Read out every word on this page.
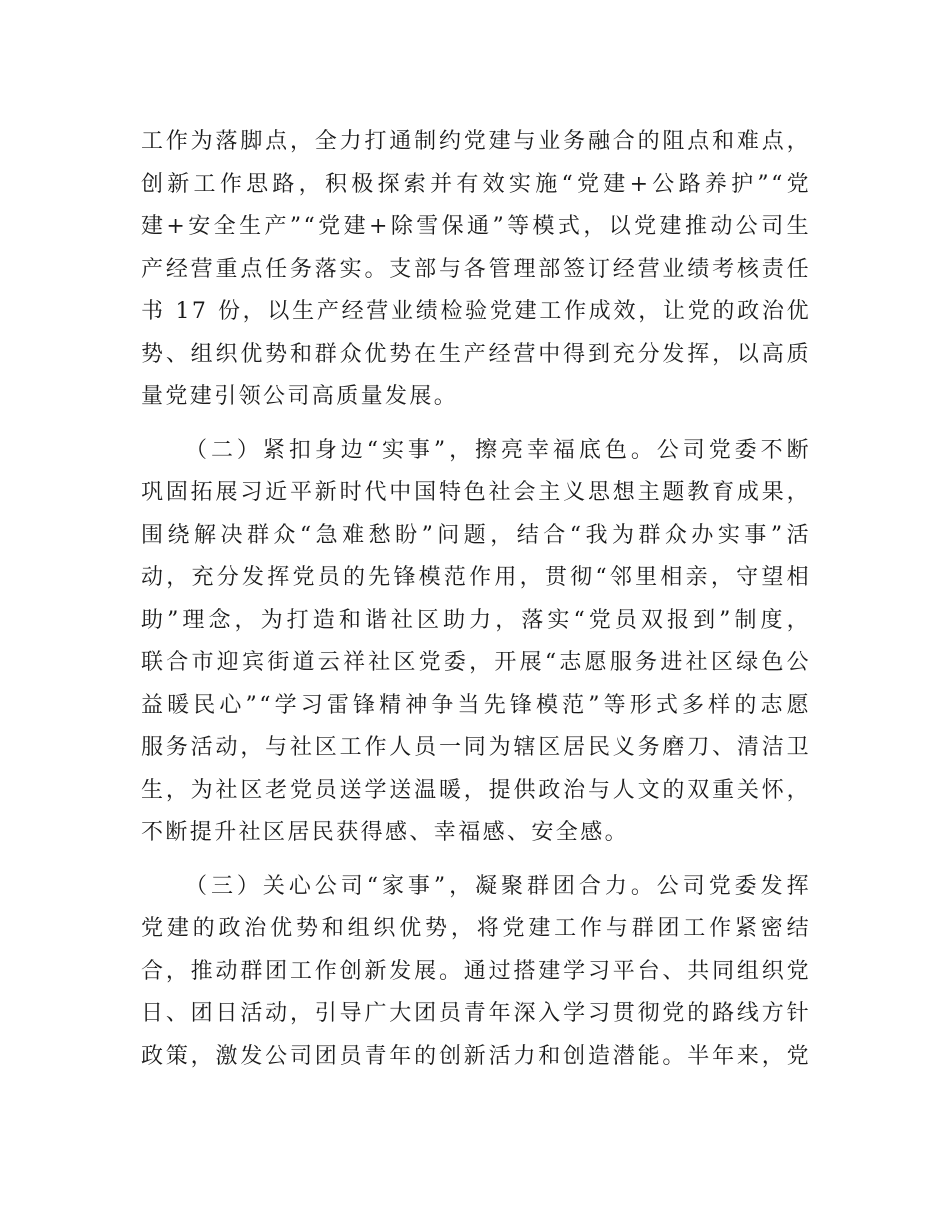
工作为落脚点，全力打通制约党建与业务融合的阻点和难点，
创新工作思路，积极探索并有效实施“党建+公路养护”“党
建+安全生产”“党建+除雪保通”等模式，以党建推动公司生
产经营重点任务落实。支部与各管理部签订经营业绩考核责任
书 17 份，以生产经营业绩检验党建工作成效，让党的政治优
势、组织优势和群众优势在生产经营中得到充分发挥，以高质
量党建引领公司高质量发展。
（二）紧扣身边“实事”，擦亮幸福底色。公司党委不断
巩固拓展习近平新时代中国特色社会主义思想主题教育成果，
围绕解决群众“急难愁盼”问题，结合“我为群众办实事”活
动，充分发挥党员的先锋模范作用，贯彻“邻里相亲，守望相
助”理念，为打造和谐社区助力，落实“党员双报到”制度，
联合市迎宾街道云祥社区党委，开展“志愿服务进社区绿色公
益暖民心”“学习雷锋精神争当先锋模范”等形式多样的志愿
服务活动，与社区工作人员一同为辖区居民义务磨刀、清洁卫
生，为社区老党员送学送温暖，提供政治与人文的双重关怀，
不断提升社区居民获得感、幸福感、安全感。
（三）关心公司“家事”，凝聚群团合力。公司党委发挥
党建的政治优势和组织优势，将党建工作与群团工作紧密结
合，推动群团工作创新发展。通过搭建学习平台、共同组织党
日、团日活动，引导广大团员青年深入学习贯彻党的路线方针
政策，激发公司团员青年的创新活力和创造潜能。半年来，党
